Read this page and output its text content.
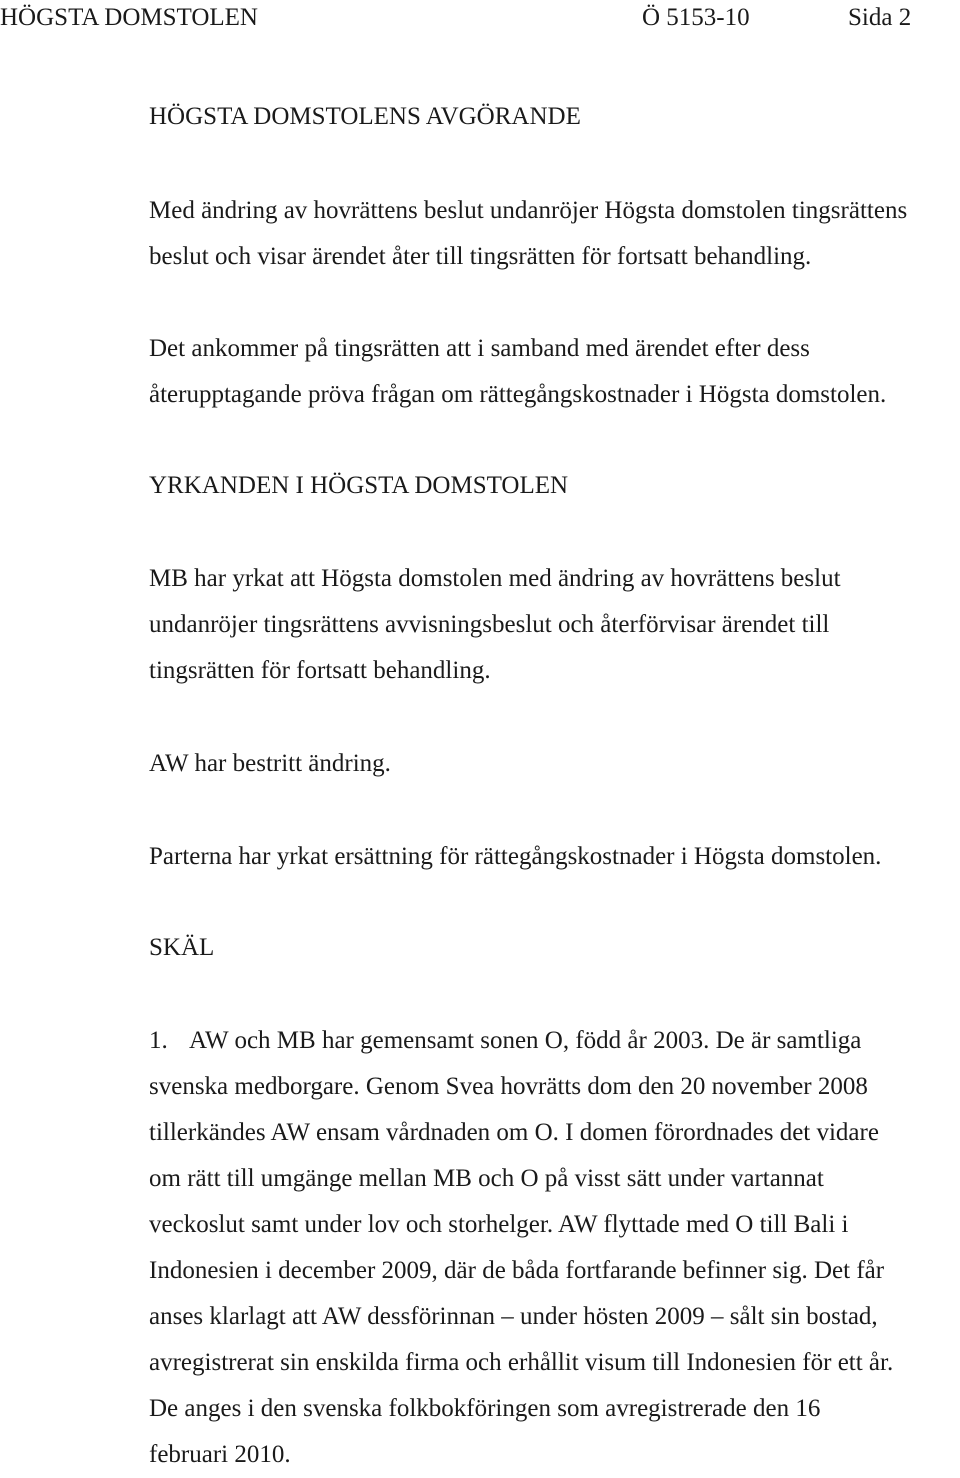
HÖGSTA DOMSTOLEN	Ö 5153-10	Sida 2
HÖGSTA DOMSTOLENS AVGÖRANDE

Med ändring av hovrättens beslut undanröjer Högsta domstolen tingsrättens
beslut och visar ärendet åter till tingsrätten för fortsatt behandling.

Det ankommer på tingsrätten att i samband med ärendet efter dess
återupptagande pröva frågan om rättegångskostnader i Högsta domstolen.

YRKANDEN I HÖGSTA DOMSTOLEN

MB har yrkat att Högsta domstolen med ändring av hovrättens beslut
undanröjer tingsrättens avvisningsbeslut och återförvisar ärendet till
tingsrätten för fortsatt behandling.

AW har bestritt ändring.

Parterna har yrkat ersättning för rättegångskostnader i Högsta domstolen.

SKÄL
1. AW och MB har gemensamt sonen O, född år 2003. De är samtliga
svenska medborgare. Genom Svea hovrätts dom den 20 november 2008
tillerkändes AW ensam vårdnaden om O. I domen förordnades det vidare
om rätt till umgänge mellan MB och O på visst sätt under vartannat
veckoslut samt under lov och storhelger. AW flyttade med O till Bali i
Indonesien i december 2009, där de båda fortfarande befinner sig. Det får
anses klarlagt att AW dessförinnan – under hösten 2009 – sålt sin bostad,
avregistrerat sin enskilda firma och erhållit visum till Indonesien för ett år.
De anges i den svenska folkbokföringen som avregistrerade den 16
februari 2010.
